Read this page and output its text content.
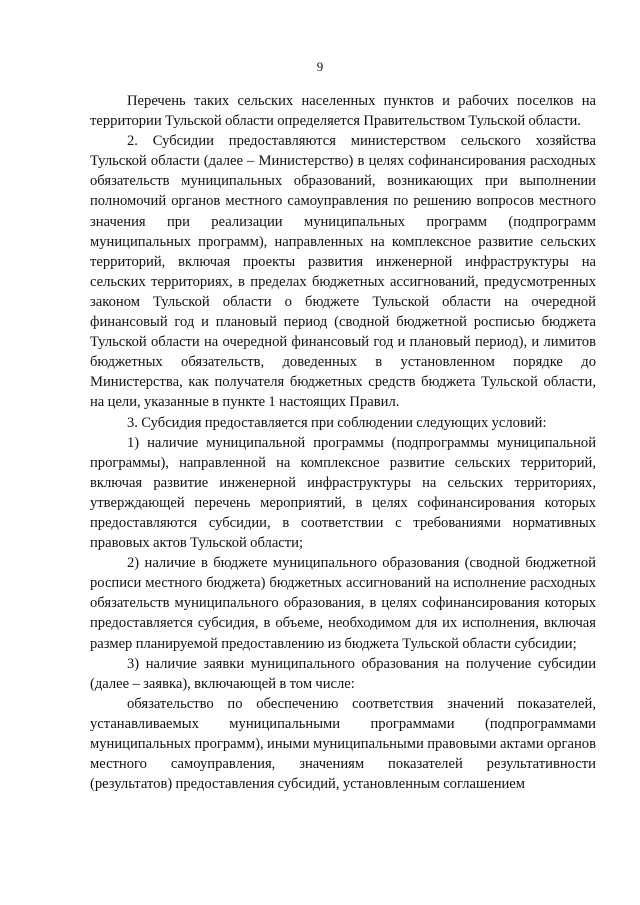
9

Перечень таких сельских населенных пунктов и рабочих поселков на территории Тульской области определяется Правительством Тульской области.

2. Субсидии предоставляются министерством сельского хозяйства Тульской области (далее – Министерство) в целях софинансирования расходных обязательств муниципальных образований, возникающих при выполнении полномочий органов местного самоуправления по решению вопросов местного значения при реализации муниципальных программ (подпрограмм муниципальных программ), направленных на комплексное развитие сельских территорий, включая проекты развития инженерной инфраструктуры на сельских территориях, в пределах бюджетных ассигнований, предусмотренных законом Тульской области о бюджете Тульской области на очередной финансовый год и плановый период (сводной бюджетной росписью бюджета Тульской области на очередной финансовый год и плановый период), и лимитов бюджетных обязательств, доведенных в установленном порядке до Министерства, как получателя бюджетных средств бюджета Тульской области, на цели, указанные в пункте 1 настоящих Правил.

3. Субсидия предоставляется при соблюдении следующих условий:

1) наличие муниципальной программы (подпрограммы муниципальной программы), направленной на комплексное развитие сельских территорий, включая развитие инженерной инфраструктуры на сельских территориях, утверждающей перечень мероприятий, в целях софинансирования которых предоставляются субсидии, в соответствии с требованиями нормативных правовых актов Тульской области;

2) наличие в бюджете муниципального образования (сводной бюджетной росписи местного бюджета) бюджетных ассигнований на исполнение расходных обязательств муниципального образования, в целях софинансирования которых предоставляется субсидия, в объеме, необходимом для их исполнения, включая размер планируемой предоставлению из бюджета Тульской области субсидии;

3) наличие заявки муниципального образования на получение субсидии (далее – заявка), включающей в том числе:

обязательство по обеспечению соответствия значений показателей, устанавливаемых муниципальными программами (подпрограммами муниципальных программ), иными муниципальными правовыми актами органов местного самоуправления, значениям показателей результативности (результатов) предоставления субсидий, установленным соглашением
